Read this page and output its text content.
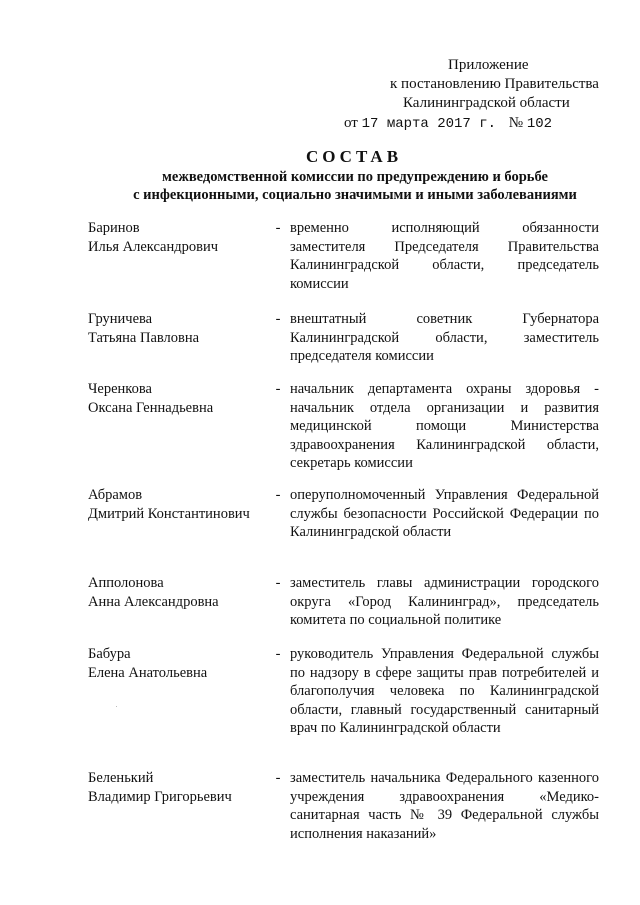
Приложение
к постановлению Правительства
Калининградской области
от 17 марта 2017 г. № 102
СОСТАВ
межведомственной комиссии по предупреждению и борьбе
с инфекционными, социально значимыми и иными заболеваниями
Баринов
Илья Александрович
- временно исполняющий обязанности заместителя Председателя Правительства Калининградской области, председатель комиссии
Груничева
Татьяна Павловна
- внештатный советник Губернатора Калининградской области, заместитель председателя комиссии
Черенкова
Оксана Геннадьевна
- начальник департамента охраны здоровья - начальник отдела организации и развития медицинской помощи Министерства здравоохранения Калининградской области, секретарь комиссии
Абрамов
Дмитрий Константинович
- оперуполномоченный Управления Федеральной службы безопасности Российской Федерации по Калининградской области
Апполонова
Анна Александровна
- заместитель главы администрации городского округа «Город Калининград», председатель комитета по социальной политике
Бабура
Елена Анатольевна
- руководитель Управления Федеральной службы по надзору в сфере защиты прав потребителей и благополучия человека по Калининградской области, главный государственный санитарный врач по Калининградской области
Беленький
Владимир Григорьевич
- заместитель начальника Федерального казенного учреждения здравоохранения «Медико-санитарная часть № 39 Федеральной службы исполнения наказаний»
